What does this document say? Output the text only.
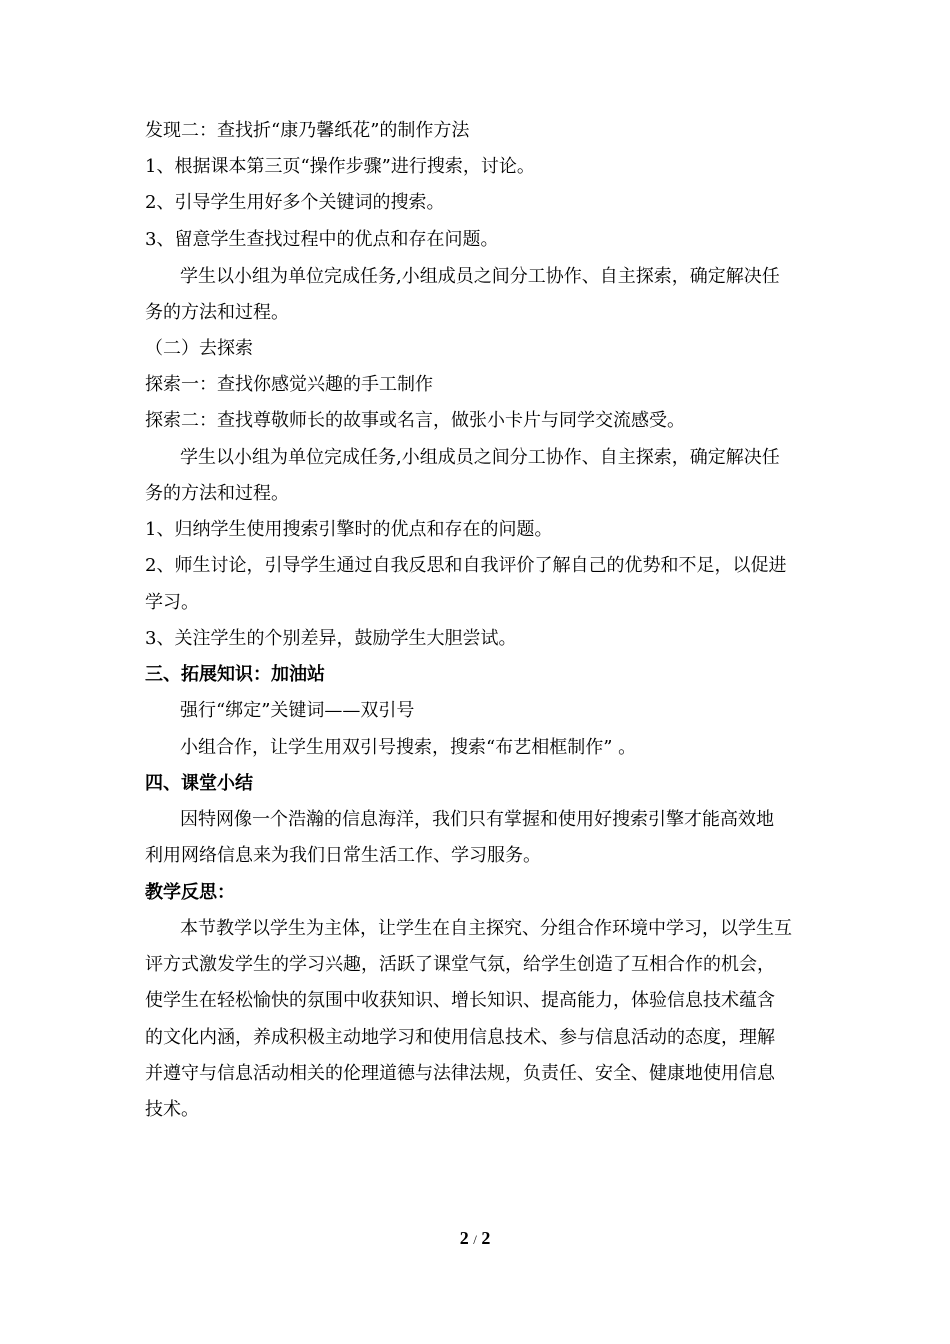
发现二：查找折“康乃馨纸花”的制作方法

1、根据课本第三页“操作步骤”进行搜索，讨论。

2、引导学生用好多个关键词的搜索。

3、留意学生查找过程中的优点和存在问题。

学生以小组为单位完成任务,小组成员之间分工协作、自主探索，确定解决任

务的方法和过程。

（二）去探索

探索一：查找你感觉兴趣的手工制作

探索二：查找尊敬师长的故事或名言，做张小卡片与同学交流感受。

学生以小组为单位完成任务,小组成员之间分工协作、自主探索，确定解决任

务的方法和过程。

1、归纳学生使用搜索引擎时的优点和存在的问题。

2、师生讨论，引导学生通过自我反思和自我评价了解自己的优势和不足，以促进

学习。

3、关注学生的个别差异，鼓励学生大胆尝试。

三、拓展知识：加油站

强行“绑定”关键词——双引号

小组合作，让学生用双引号搜索，搜索“布艺相框制作” 。

四、课堂小结

因特网像一个浩瀚的信息海洋，我们只有掌握和使用好搜索引擎才能高效地

利用网络信息来为我们日常生活工作、学习服务。

教学反思：

本节教学以学生为主体，让学生在自主探究、分组合作环境中学习，以学生互

评方式激发学生的学习兴趣，活跃了课堂气氛，给学生创造了互相合作的机会，

使学生在轻松愉快的氛围中收获知识、增长知识、提高能力，体验信息技术蕴含

的文化内涵，养成积极主动地学习和使用信息技术、参与信息活动的态度，理解

并遵守与信息活动相关的伦理道德与法律法规，负责任、安全、健康地使用信息

技术。

2 / 2
